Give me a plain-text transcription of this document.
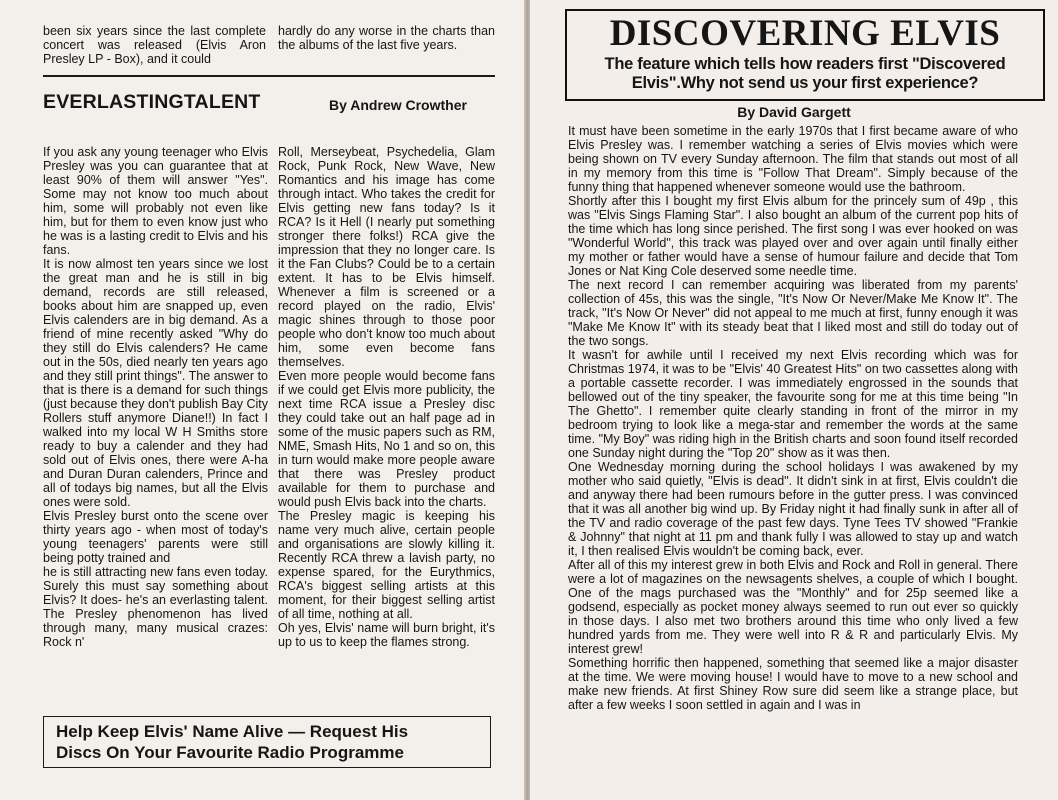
been six years since the last complete concert was released (Elvis Aron Presley LP - Box), and it could

hardly do any worse in the charts than the albums of the last five years.

EVERLASTINGTALENT	By Andrew Crowther

If you ask any young teenager who Elvis Presley was you can guarantee that at least 90% of them will answer "Yes". Some may not know too much about him, some will probably not even like him, but for them to even know just who he was is a lasting credit to Elvis and his fans.

It is now almost ten years since we lost the great man and he is still in big demand, records are still released, books about him are snapped up, even Elvis calenders are in big demand. As a friend of mine recently asked "Why do they still do Elvis calenders? He came out in the 50s, died nearly ten years ago and they still print things". The answer to that is there is a demand for such things (just because they don't publish Bay City Rollers stuff anymore Diane!!) In fact I walked into my local W H Smiths store ready to buy a calender and they had sold out of Elvis ones, there were A-ha and Duran Duran calenders, Prince and all of todays big names, but all the Elvis ones were sold.

Elvis Presley burst onto the scene over thirty years ago - when most of today's young teenagers' parents were still being potty trained and

he is still attracting new fans even today. Surely this must say something about Elvis? It does- he's an everlasting talent. The Presley phenomenon has lived through many, many musical crazes: Rock n'

Roll, Merseybeat, Psychedelia, Glam Rock, Punk Rock, New Wave, New Romantics and his image has come through intact. Who takes the credit for Elvis getting new fans today? Is it RCA? Is it Hell (I nearly put something stronger there folks!) RCA give the impression that they no longer care. Is it the Fan Clubs? Could be to a certain extent. It has to be Elvis himself. Whenever a film is screened or a record played on the radio, Elvis' magic shines through to those poor people who don't know too much about him, some even become fans themselves.

Even more people would become fans if we could get Elvis more publicity, the next time RCA issue a Presley disc they could take out an half page ad in some of the music papers such as RM, NME, Smash Hits, No 1 and so on, this in turn would make more people aware that there was Presley product available for them to purchase and would push Elvis back into the charts.

The Presley magic is keeping his name very much alive, certain people and organisations are slowly killing it. Recently RCA threw a lavish party, no expense spared, for the Eurythmics, RCA's biggest selling artists at this moment, for their biggest selling artist of all time, nothing at all.

Oh yes, Elvis' name will burn bright, it's up to us to keep the flames strong.

Help Keep Elvis' Name Alive — Request His
Discs On Your Favourite Radio Programme
DISCOVERING ELVIS

The feature which tells how readers first "Discovered Elvis".Why not send us your first experience?

By David Gargett

It must have been sometime in the early 1970s that I first became aware of who Elvis Presley was. I remember watching a series of Elvis movies which were being shown on TV every Sunday afternoon. The film that stands out most of all in my memory from this time is "Follow That Dream". Simply because of the funny thing that happened whenever someone would use the bathroom.

Shortly after this I bought my first Elvis album for the princely sum of 49p , this was "Elvis Sings Flaming Star". I also bought an album of the current pop hits of the time which has long since perished. The first song I was ever hooked on was "Wonderful World", this track was played over and over again until finally either my mother or father would have a sense of humour failure and decide that Tom Jones or Nat King Cole deserved some needle time.

The next record I can remember acquiring was liberated from my parents' collection of 45s, this was the single, "It's Now Or Never/Make Me Know It". The track, "It's Now Or Never" did not appeal to me much at first, funny enough it was "Make Me Know It" with its steady beat that I liked most and still do today out of the two songs.

It wasn't for awhile until I received my next Elvis recording which was for Christmas 1974, it was to be "Elvis' 40 Greatest Hits" on two cassettes along with a portable cassette recorder. I was immediately engrossed in the sounds that bellowed out of the tiny speaker, the favourite song for me at this time being "In The Ghetto". I remember quite clearly standing in front of the mirror in my bedroom trying to look like a mega-star and remember the words at the same time. "My Boy" was riding high in the British charts and soon found itself recorded one Sunday night during the "Top 20" show as it was then.

One Wednesday morning during the school holidays I was awakened by my mother who said quietly, "Elvis is dead". It didn't sink in at first, Elvis couldn't die and anyway there had been rumours before in the gutter press. I was convinced that it was all another big wind up. By Friday night it had finally sunk in after all of the TV and radio coverage of the past few days. Tyne Tees TV showed "Frankie & Johnny" that night at 11 pm and thank fully I was allowed to stay up and watch it, I then realised Elvis wouldn't be coming back, ever.

After all of this my interest grew in both Elvis and Rock and Roll in general. There were a lot of magazines on the newsagents shelves, a couple of which I bought. One of the mags purchased was the "Monthly" and for 25p seemed like a godsend, especially as pocket money always seemed to run out ever so quickly in those days. I also met two brothers around this time who only lived a few hundred yards from me. They were well into R & R and particularly Elvis. My interest grew!

Something horrific then happened, something that seemed like a major disaster at the time. We were moving house! I would have to move to a new school and make new friends. At first Shiney Row sure did seem like a strange place, but after a few weeks I soon settled in again and I was in
